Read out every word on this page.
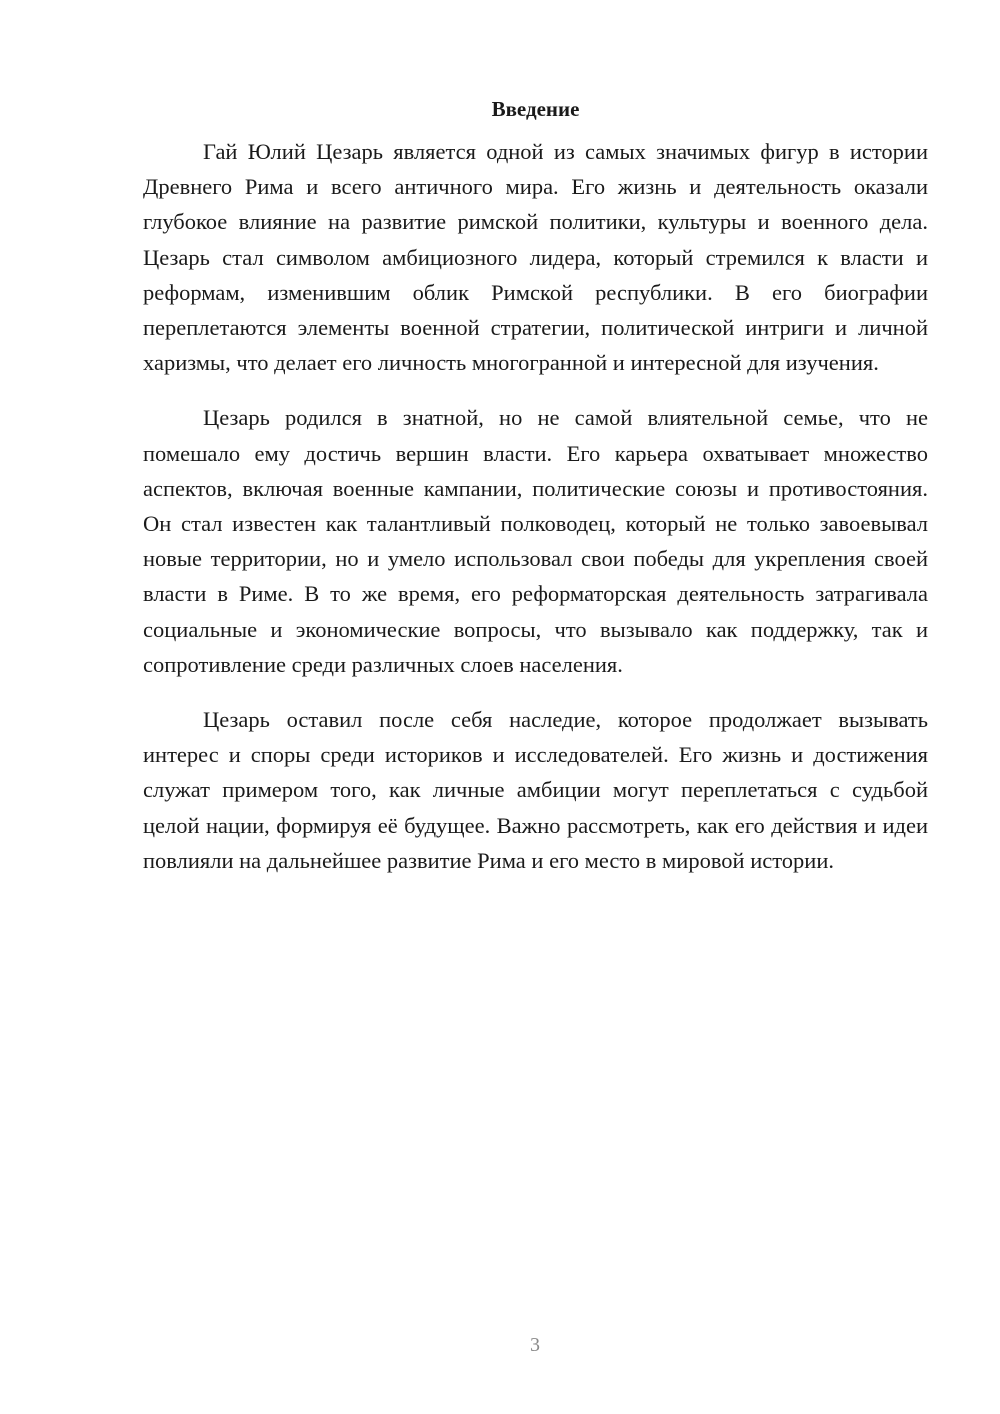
Введение

Гай Юлий Цезарь является одной из самых значимых фигур в истории Древнего Рима и всего античного мира. Его жизнь и деятельность оказали глубокое влияние на развитие римской политики, культуры и военного дела. Цезарь стал символом амбициозного лидера, который стремился к власти и реформам, изменившим облик Римской республики. В его биографии переплетаются элементы военной стратегии, политической интриги и личной харизмы, что делает его личность многогранной и интересной для изучения.

Цезарь родился в знатной, но не самой влиятельной семье, что не помешало ему достичь вершин власти. Его карьера охватывает множество аспектов, включая военные кампании, политические союзы и противостояния. Он стал известен как талантливый полководец, который не только завоевывал новые территории, но и умело использовал свои победы для укрепления своей власти в Риме. В то же время, его реформаторская деятельность затрагивала социальные и экономические вопросы, что вызывало как поддержку, так и сопротивление среди различных слоев населения.

Цезарь оставил после себя наследие, которое продолжает вызывать интерес и споры среди историков и исследователей. Его жизнь и достижения служат примером того, как личные амбиции могут переплетаться с судьбой целой нации, формируя её будущее. Важно рассмотреть, как его действия и идеи повлияли на дальнейшее развитие Рима и его место в мировой истории.

3
